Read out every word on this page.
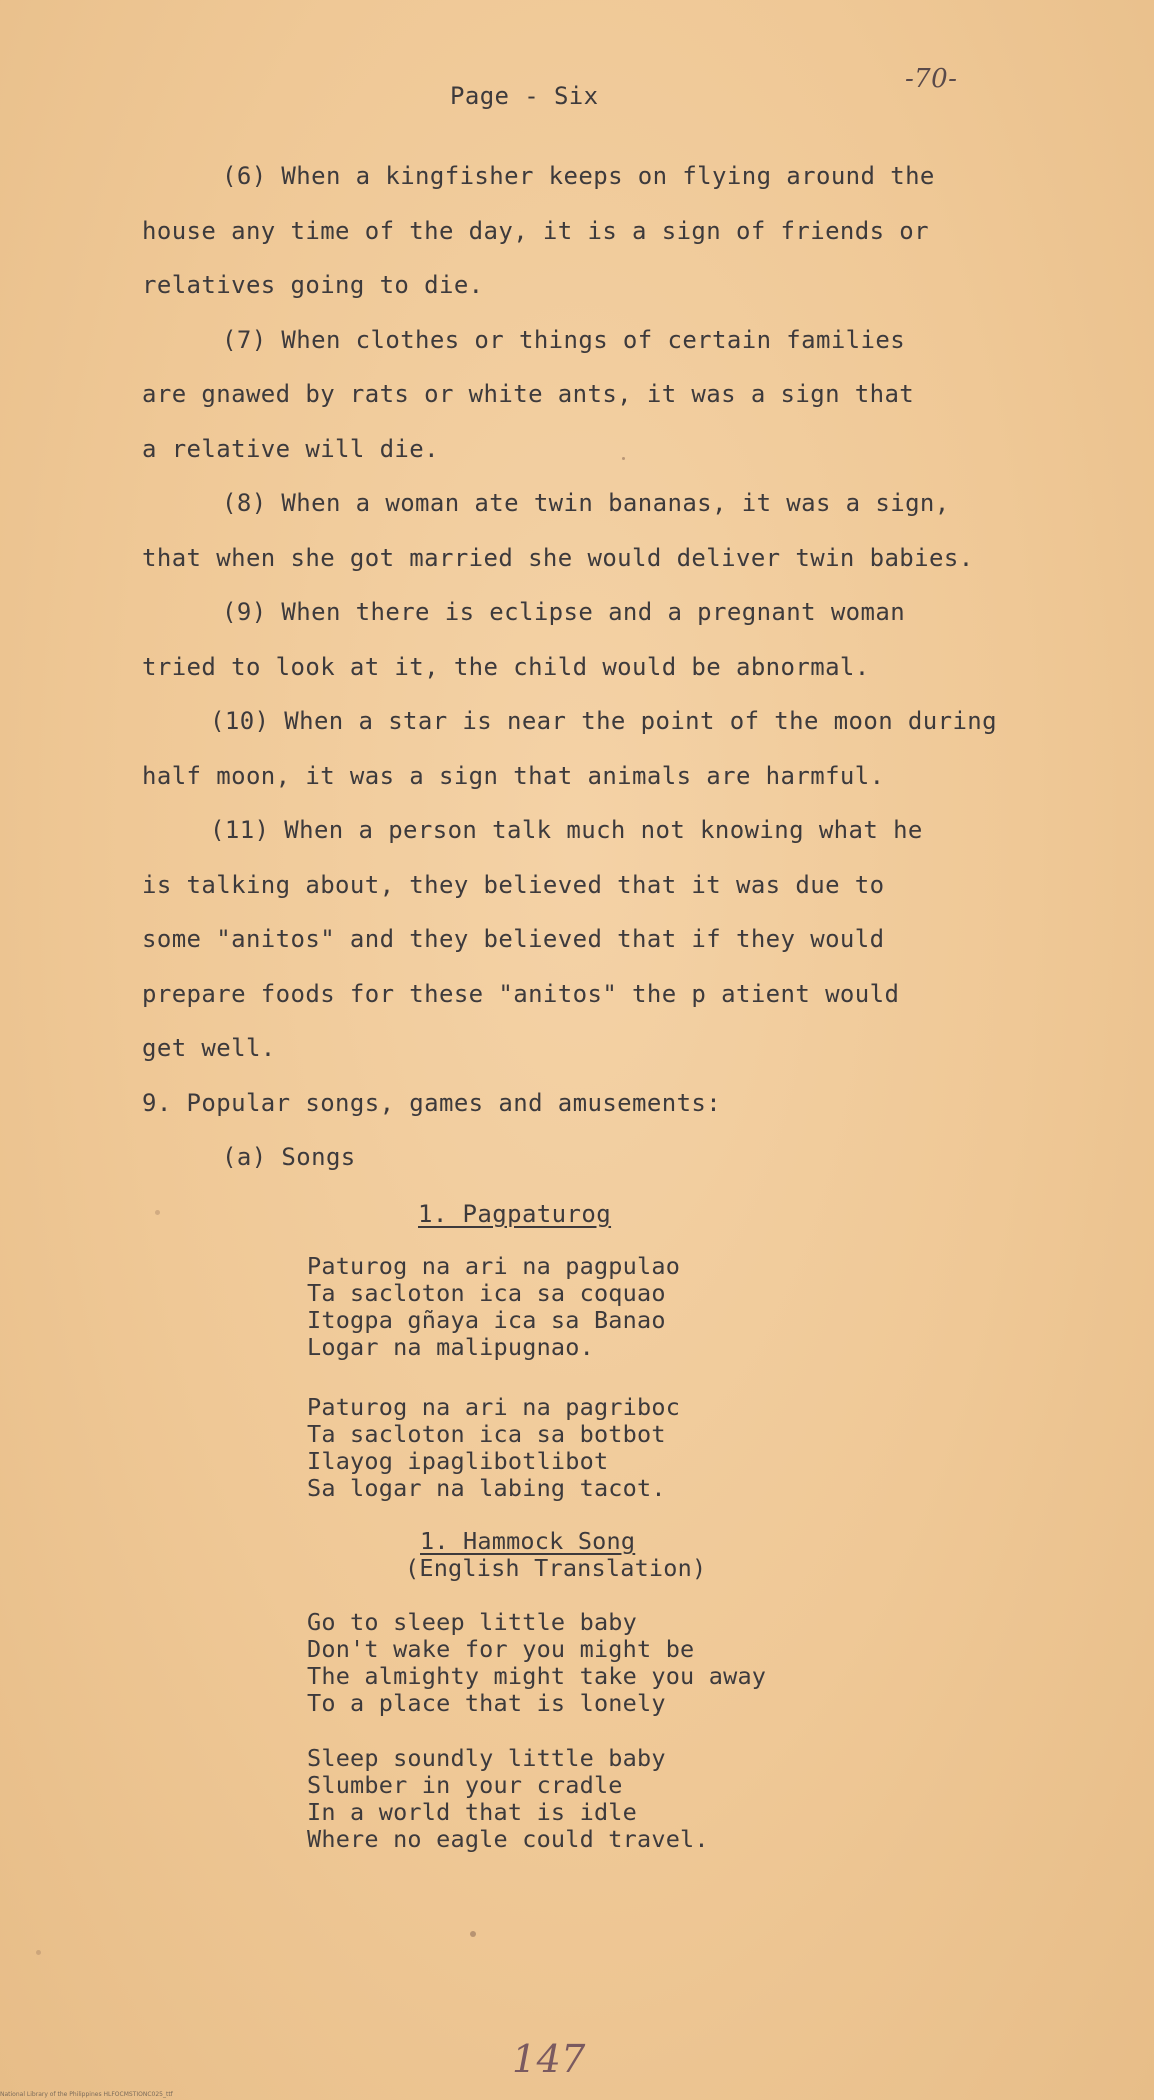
Page - Six
-70-
(6) When a kingfisher keeps on flying around the
house any time of the day, it is a sign of friends or
relatives going to die.
(7) When clothes or things of certain families
are gnawed by rats or white ants, it was a sign that
a relative will die.
(8) When a woman ate twin bananas, it was a sign,
that when she got married she would deliver twin babies.
(9) When there is eclipse and a pregnant woman
tried to look at it, the child would be abnormal.
(10) When a star is near the point of the moon during
half moon, it was a sign that animals are harmful.
(11) When a person talk much not knowing what he
is talking about, they believed that it was due to
some "anitos" and they believed that if they would
prepare foods for these "anitos" the p atient would
get well.
9. Popular songs, games and amusements:
(a) Songs
1. Pagpaturog
Paturog na ari na pagpulao
Ta sacloton ica sa coquao
Itogpa gñaya ica sa Banao
Logar na malipugnao.
Paturog na ari na pagriboc
Ta sacloton ica sa botbot
Ilayog ipaglibotlibot
Sa logar na labing tacot.
1. Hammock Song
(English Translation)
Go to sleep little baby
Don't wake for you might be
The almighty might take you away
To a place that is lonely
Sleep soundly little baby
Slumber in your cradle
In a world that is idle
Where no eagle could travel.
147
National Library of the Philippines HLFOCMSTIONC025_ttf
